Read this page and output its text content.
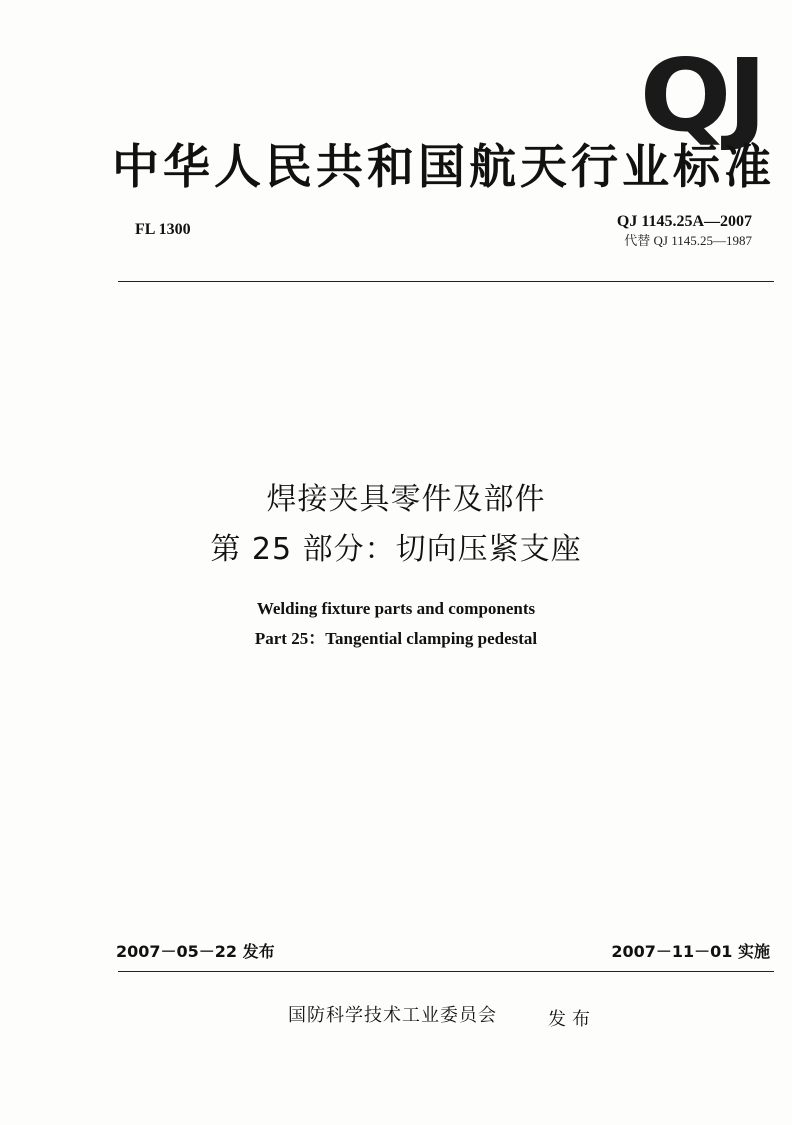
QJ
中华人民共和国航天行业标准
FL 1300	QJ 1145.25A—2007
代替 QJ 1145.25—1987
焊接夹具零件及部件
第 25 部分：切向压紧支座
Welding fixture parts and components
Part 25：Tangential clamping pedestal
2007－05－22 发布	2007－11－01 实施
国防科学技术工业委员会	发布
